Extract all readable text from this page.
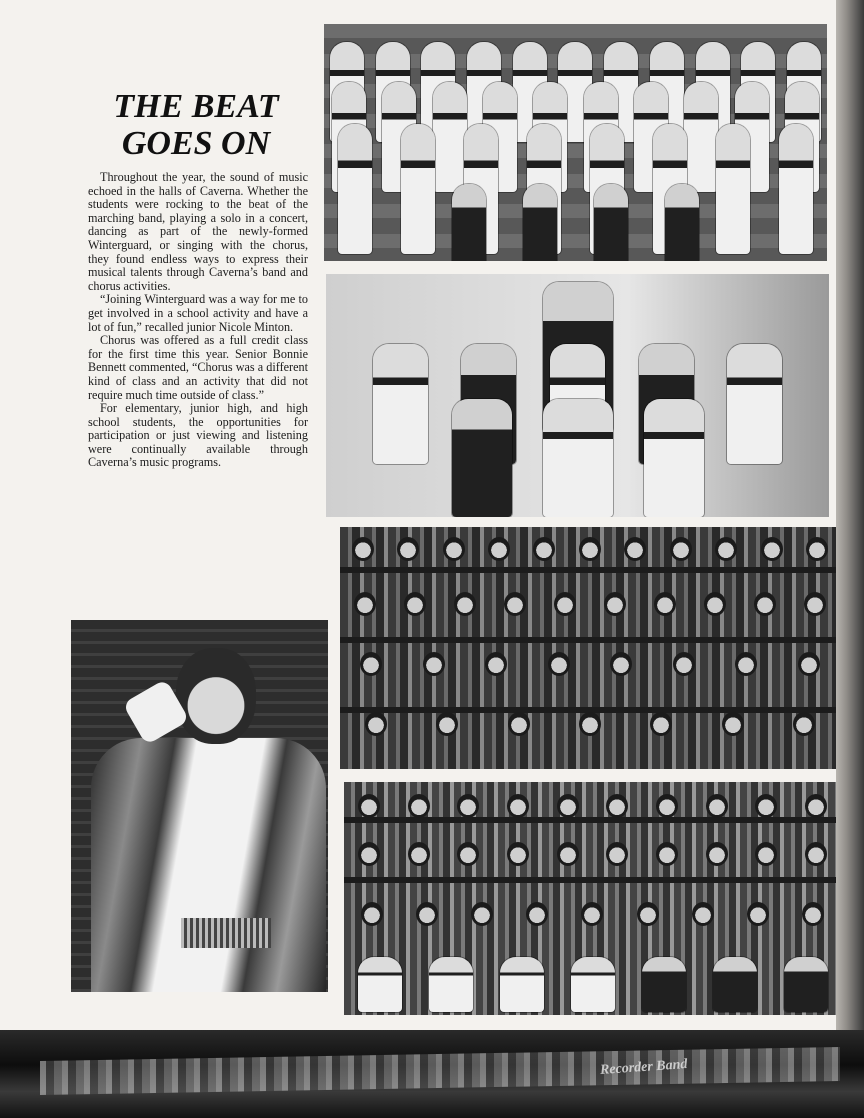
THE BEAT
GOES ON

Throughout the year, the sound of music echoed in the halls of Caverna. Whether the students were rocking to the beat of the marching band, playing a solo in a concert, dancing as part of the newly-formed Winterguard, or singing with the chorus, they found endless ways to express their musical talents through Caverna’s band and chorus activities.

“Joining Winterguard was a way for me to get involved in a school activity and have a lot of fun,” recalled junior Nicole Minton.

Chorus was offered as a full credit class for the first time this year. Senior Bonnie Bennett commented, “Chorus was a different kind of class and an activity that did not require much time outside of class.”

For elementary, junior high, and high school students, the opportunities for participation or just viewing and listening were continually available through Caverna’s music programs.

Recorder Band
